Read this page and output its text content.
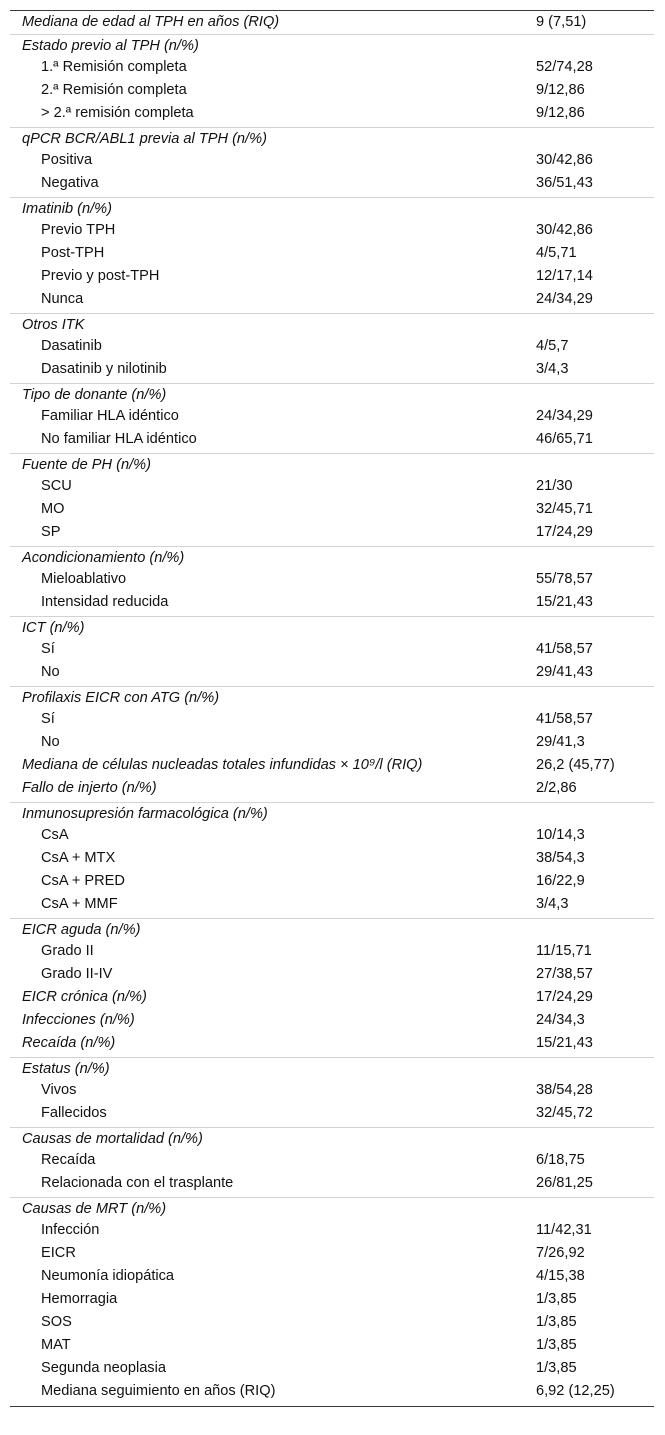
Mediana de edad al TPH en años (RIQ)	9 (7,51)
Estado previo al TPH (n/%)
1.ª Remisión completa	52/74,28
2.ª Remisión completa	9/12,86
> 2.ª remisión completa	9/12,86
qPCR BCR/ABL1 previa al TPH (n/%)
Positiva	30/42,86
Negativa	36/51,43
Imatinib (n/%)
Previo TPH	30/42,86
Post-TPH	4/5,71
Previo y post-TPH	12/17,14
Nunca	24/34,29
Otros ITK
Dasatinib	4/5,7
Dasatinib y nilotinib	3/4,3
Tipo de donante (n/%)
Familiar HLA idéntico	24/34,29
No familiar HLA idéntico	46/65,71
Fuente de PH (n/%)
SCU	21/30
MO	32/45,71
SP	17/24,29
Acondicionamiento (n/%)
Mieloablativo	55/78,57
Intensidad reducida	15/21,43
ICT (n/%)
Sí	41/58,57
No	29/41,43
Profilaxis EICR con ATG (n/%)
Sí	41/58,57
No	29/41,3
Mediana de células nucleadas totales infundidas × 10⁹/l (RIQ)	26,2 (45,77)
Fallo de injerto (n/%)	2/2,86
Inmunosupresión farmacológica (n/%)
CsA	10/14,3
CsA + MTX	38/54,3
CsA + PRED	16/22,9
CsA + MMF	3/4,3
EICR aguda (n/%)
Grado II	11/15,71
Grado II-IV	27/38,57
EICR crónica (n/%)	17/24,29
Infecciones (n/%)	24/34,3
Recaída (n/%)	15/21,43
Estatus (n/%)
Vivos	38/54,28
Fallecidos	32/45,72
Causas de mortalidad (n/%)
Recaída	6/18,75
Relacionada con el trasplante	26/81,25
Causas de MRT (n/%)
Infección	11/42,31
EICR	7/26,92
Neumonía idiopática	4/15,38
Hemorragia	1/3,85
SOS	1/3,85
MAT	1/3,85
Segunda neoplasia	1/3,85
Mediana seguimiento en años (RIQ)	6,92 (12,25)
